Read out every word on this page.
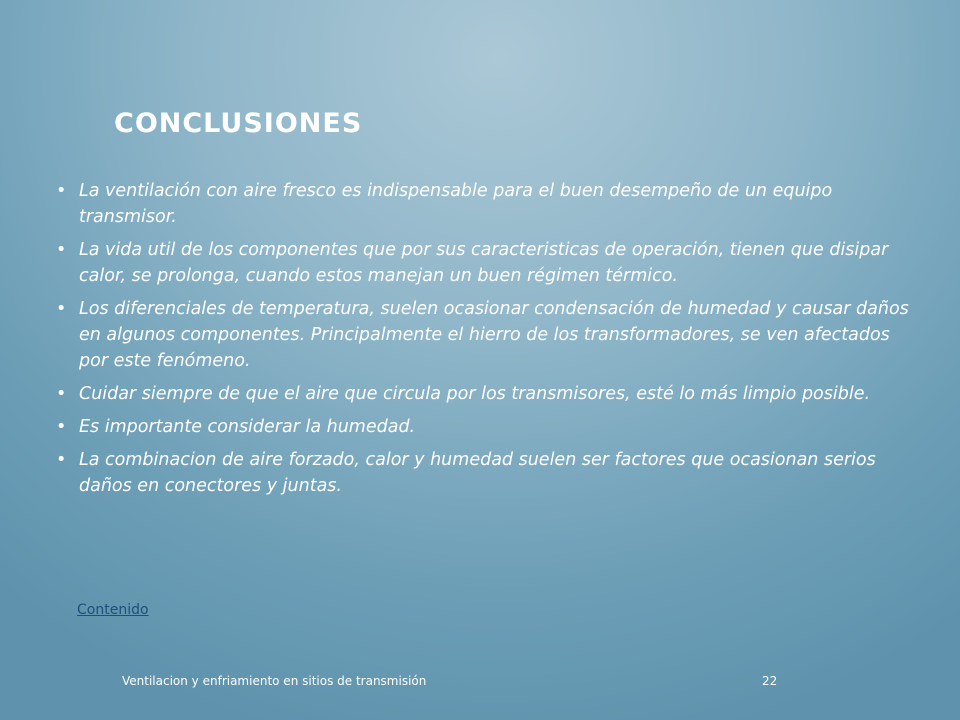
CONCLUSIONES
• La ventilación con aire fresco es indispensable para el buen desempeño de un equipo transmisor.
• La vida util de los componentes que por sus caracteristicas de operación, tienen que disipar calor, se prolonga, cuando estos manejan un buen régimen térmico.
• Los diferenciales de temperatura, suelen ocasionar condensación de humedad y causar daños en algunos componentes. Principalmente el hierro de los transformadores, se ven afectados por este fenómeno.
• Cuidar siempre de que el aire que circula por los transmisores, esté lo más limpio posible.
• Es importante considerar la humedad.
• La combinacion de aire forzado, calor y humedad suelen ser factores que ocasionan serios daños en conectores y juntas.
Contenido
Ventilacion y enfriamiento en sitios de transmisión	22
